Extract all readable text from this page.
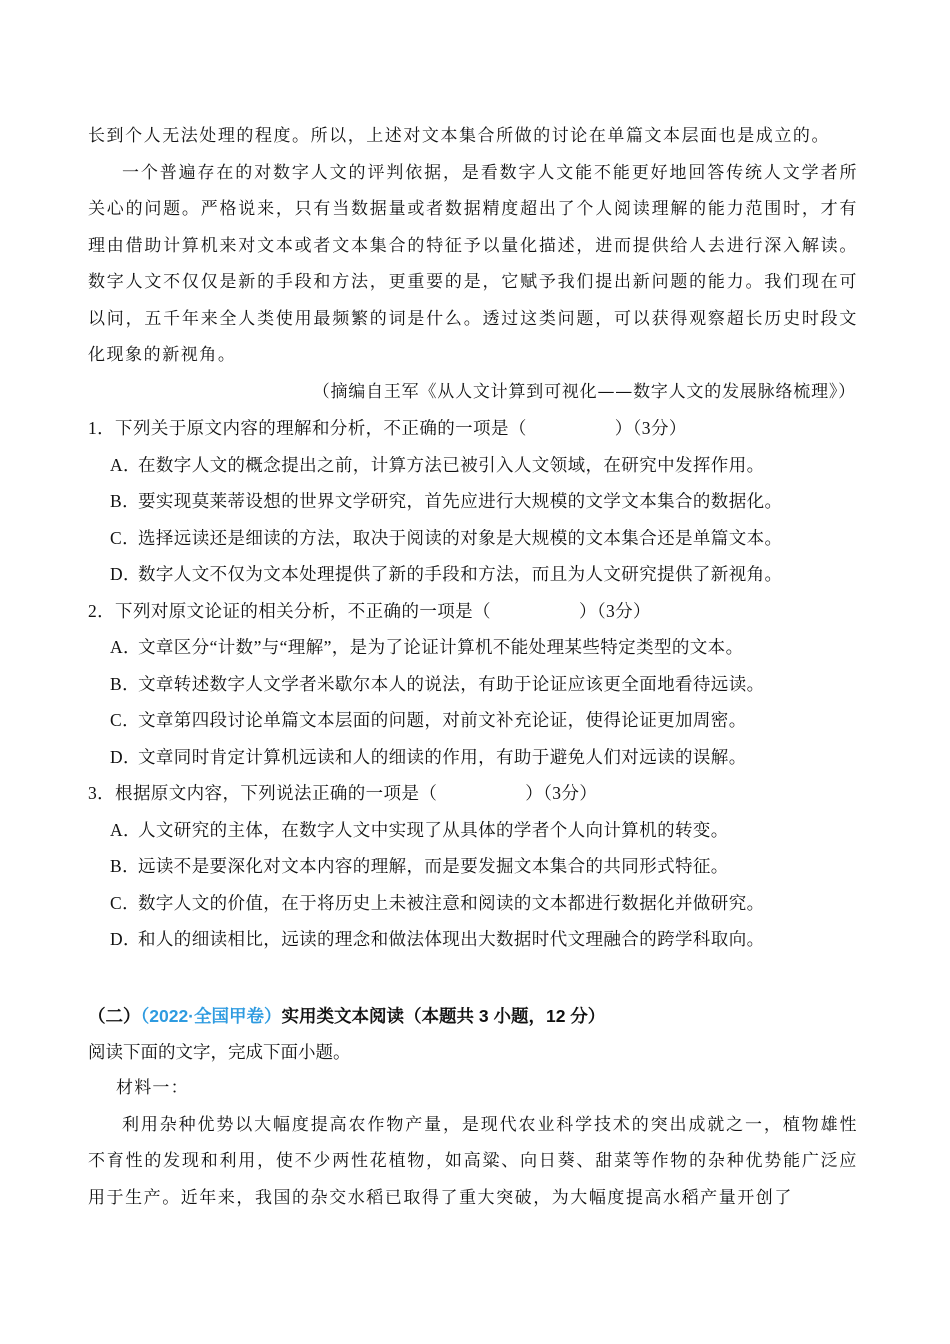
长到个人无法处理的程度。所以，上述对文本集合所做的讨论在单篇文本层面也是成立的。

一个普遍存在的对数字人文的评判依据，是看数字人文能不能更好地回答传统人文学者所关心的问题。严格说来，只有当数据量或者数据精度超出了个人阅读理解的能力范围时，才有理由借助计算机来对文本或者文本集合的特征予以量化描述，进而提供给人去进行深入解读。数字人文不仅仅是新的手段和方法，更重要的是，它赋予我们提出新问题的能力。我们现在可以问，五千年来全人类使用最频繁的词是什么。透过这类问题，可以获得观察超长历史时段文化现象的新视角。

（摘编自王军《从人文计算到可视化——数字人文的发展脉络梳理》）

1．下列关于原文内容的理解和分析，不正确的一项是（	）（3分）

A．在数字人文的概念提出之前，计算方法已被引入人文领域，在研究中发挥作用。

B．要实现莫莱蒂设想的世界文学研究，首先应进行大规模的文学文本集合的数据化。

C．选择远读还是细读的方法，取决于阅读的对象是大规模的文本集合还是单篇文本。

D．数字人文不仅为文本处理提供了新的手段和方法，而且为人文研究提供了新视角。

2．下列对原文论证的相关分析，不正确的一项是（	）（3分）

A．文章区分“计数”与“理解”，是为了论证计算机不能处理某些特定类型的文本。

B．文章转述数字人文学者米歇尔本人的说法，有助于论证应该更全面地看待远读。

C．文章第四段讨论单篇文本层面的问题，对前文补充论证，使得论证更加周密。

D．文章同时肯定计算机远读和人的细读的作用，有助于避免人们对远读的误解。

3．根据原文内容，下列说法正确的一项是（	）（3分）

A．人文研究的主体，在数字人文中实现了从具体的学者个人向计算机的转变。

B．远读不是要深化对文本内容的理解，而是要发掘文本集合的共同形式特征。

C．数字人文的价值，在于将历史上未被注意和阅读的文本都进行数据化并做研究。

D．和人的细读相比，远读的理念和做法体现出大数据时代文理融合的跨学科取向。

（二）（2022·全国甲卷）实用类文本阅读（本题共 3 小题，12 分）

阅读下面的文字，完成下面小题。

材料一：

利用杂种优势以大幅度提高农作物产量，是现代农业科学技术的突出成就之一，植物雄性不育性的发现和利用，使不少两性花植物，如高粱、向日葵、甜菜等作物的杂种优势能广泛应用于生产。近年来，我国的杂交水稻已取得了重大突破，为大幅度提高水稻产量开创了
